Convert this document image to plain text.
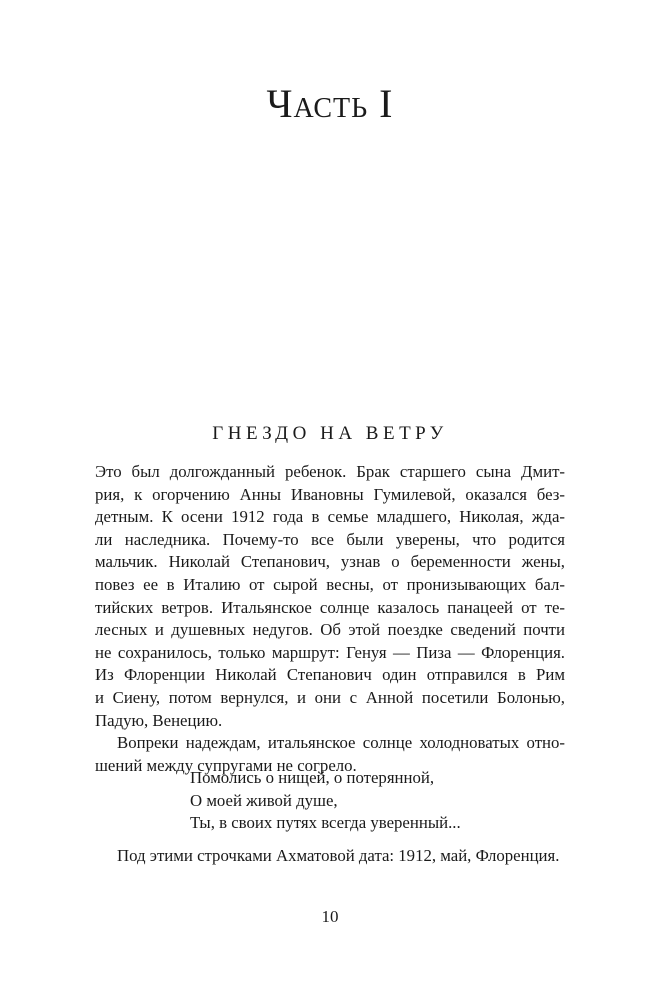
Часть I
ГНЕЗДО НА ВЕТРУ
Это был долгожданный ребенок. Брак старшего сына Дмит-
рия, к огорчению Анны Ивановны Гумилевой, оказался без-
детным. К осени 1912 года в семье младшего, Николая, жда-
ли наследника. Почему-то все были уверены, что родится
мальчик. Николай Степанович, узнав о беременности жены,
повез ее в Италию от сырой весны, от пронизывающих бал-
тийских ветров. Итальянское солнце казалось панацеей от те-
лесных и душевных недугов. Об этой поездке сведений почти
не сохранилось, только маршрут: Генуя — Пиза — Флоренция.
Из Флоренции Николай Степанович один отправился в Рим
и Сиену, потом вернулся, и они с Анной посетили Болонью,
Падую, Венецию.
Вопреки надеждам, итальянское солнце холодноватых отно-
шений между супругами не согрело.
Помолись о нищей, о потерянной,
О моей живой душе,
Ты, в своих путях всегда уверенный...
Под этими строчками Ахматовой дата: 1912, май, Флоренция.
10
